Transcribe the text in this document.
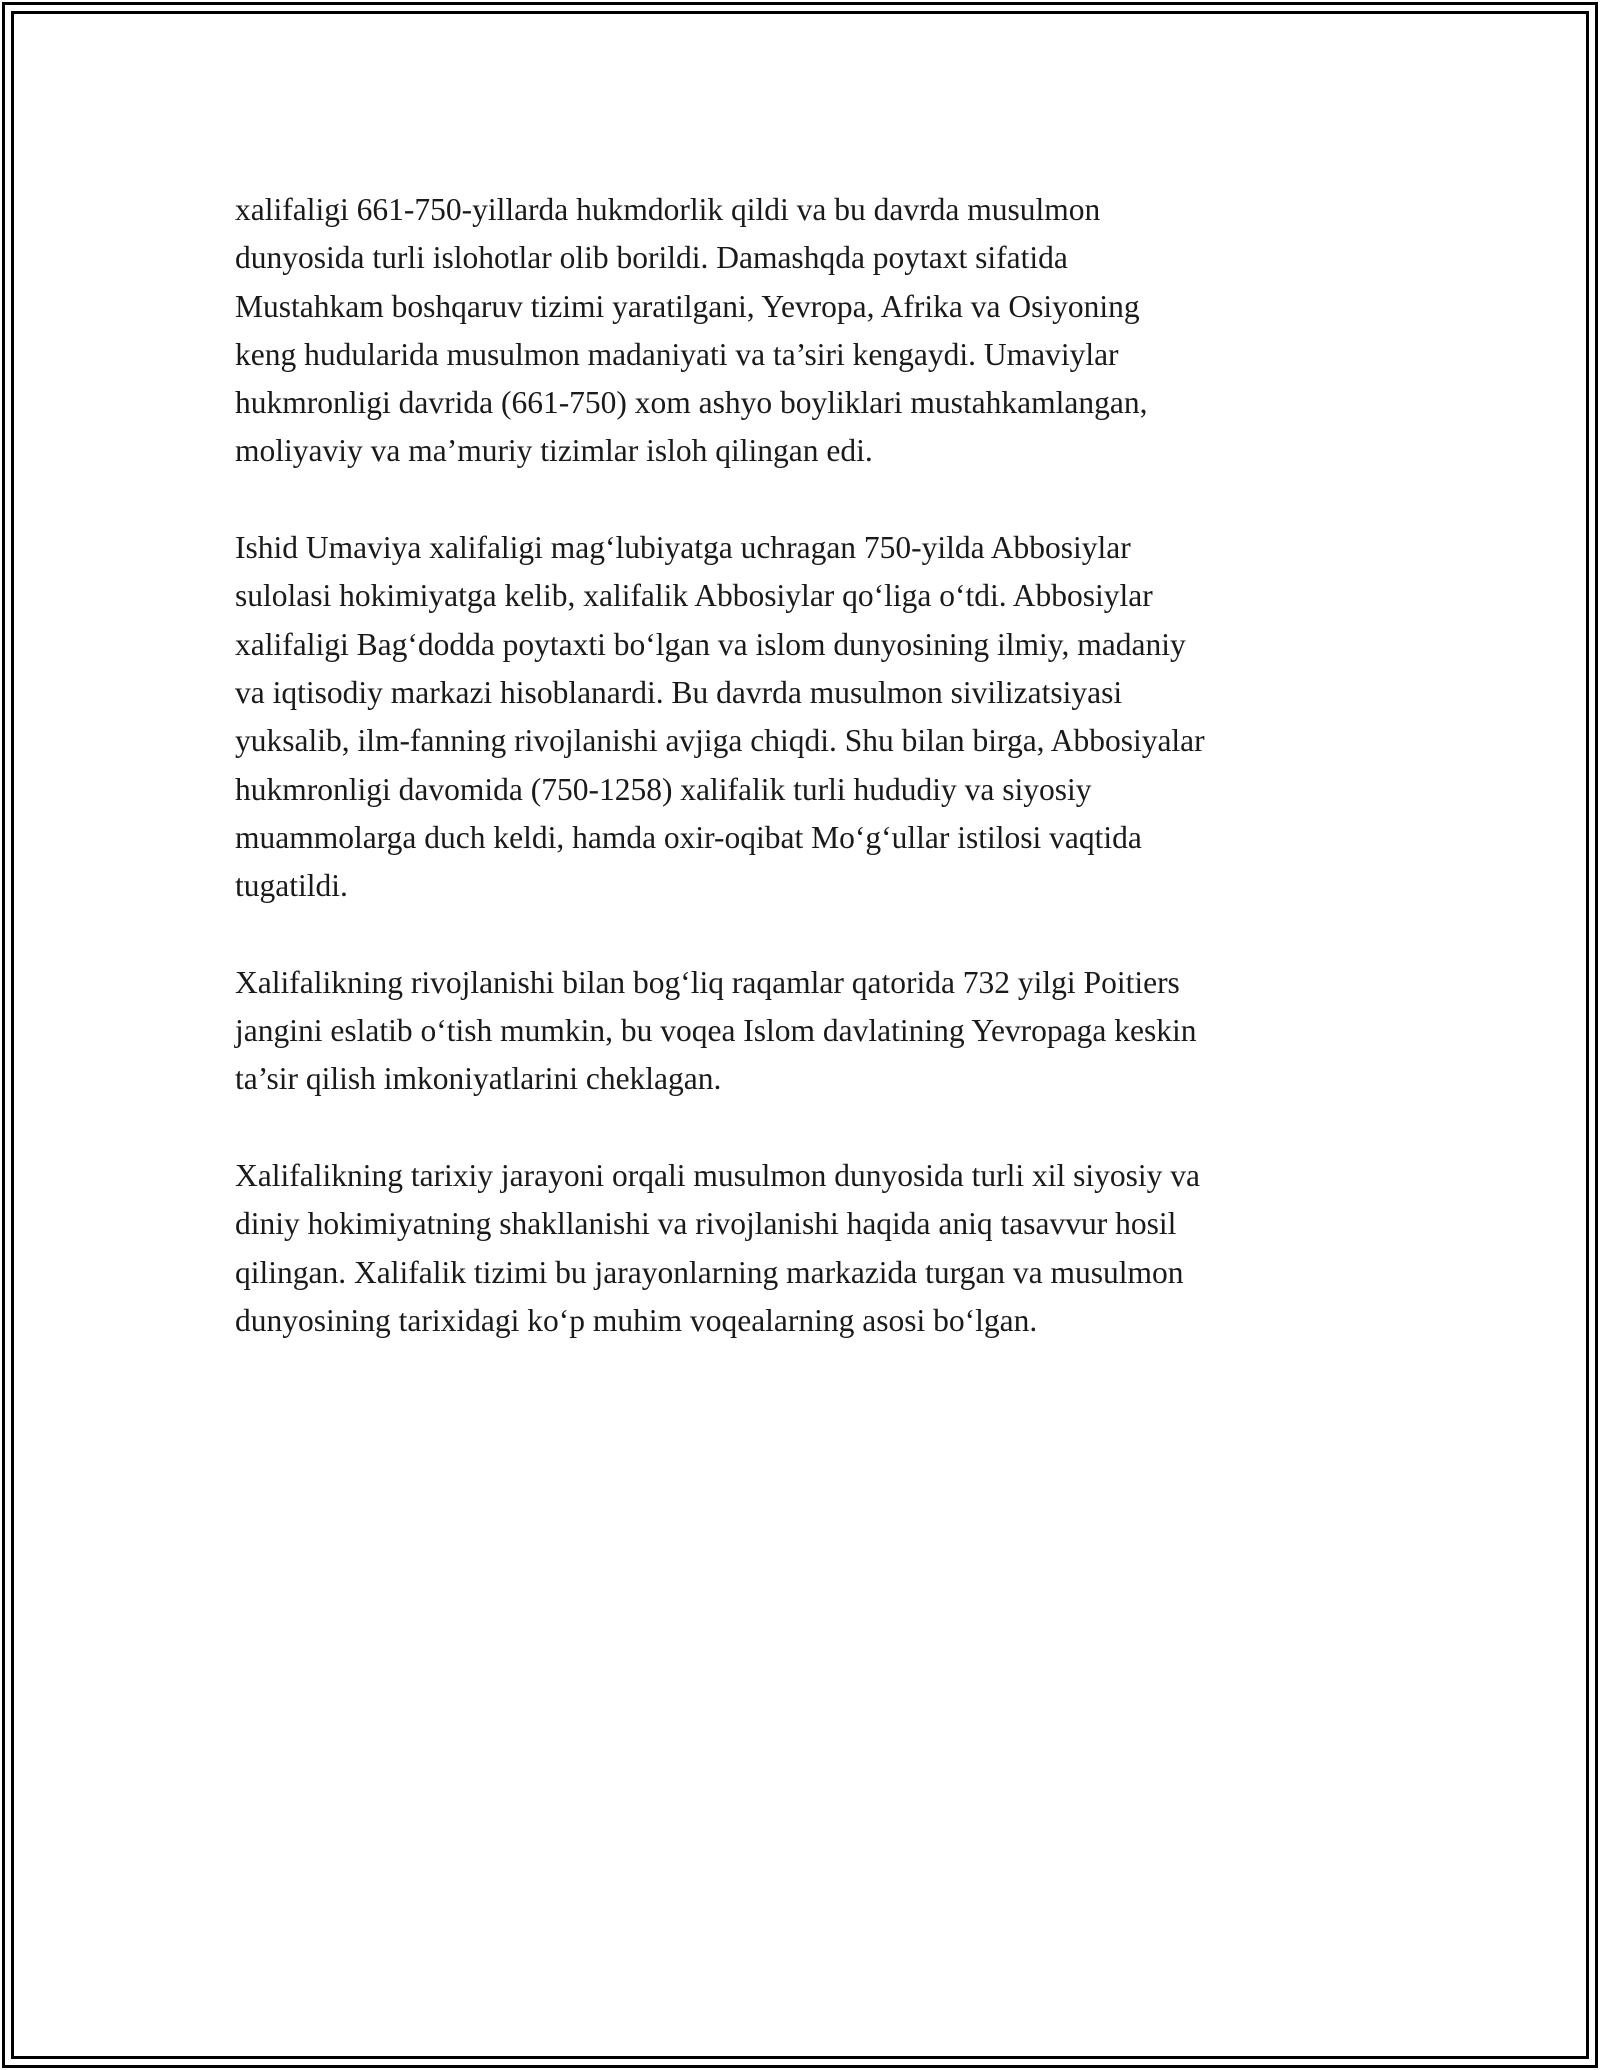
xalifaligi 661-750-yillarda hukmdorlik qildi va bu davrda musulmon
dunyosida turli islohotlar olib borildi. Damashqda poytaxt sifatida
Mustahkam boshqaruv tizimi yaratilgani, Yevropa, Afrika va Osiyoning
keng hudularida musulmon madaniyati va ta’siri kengaydi. Umaviylar
hukmronligi davrida (661-750) xom ashyo boyliklari mustahkamlangan,
moliyaviy va ma’muriy tizimlar isloh qilingan edi.

Ishid Umaviya xalifaligi mag‘lubiyatga uchragan 750-yilda Abbosiylar
sulolasi hokimiyatga kelib, xalifalik Abbosiylar qo‘liga o‘tdi. Abbosiylar
xalifaligi Bag‘dodda poytaxti bo‘lgan va islom dunyosining ilmiy, madaniy
va iqtisodiy markazi hisoblanardi. Bu davrda musulmon sivilizatsiyasi
yuksalib, ilm-fanning rivojlanishi avjiga chiqdi. Shu bilan birga, Abbosiyalar
hukmronligi davomida (750-1258) xalifalik turli hududiy va siyosiy
muammolarga duch keldi, hamda oxir-oqibat Mo‘g‘ullar istilosi vaqtida
tugatildi.

Xalifalikning rivojlanishi bilan bog‘liq raqamlar qatorida 732 yilgi Poitiers
jangini eslatib o‘tish mumkin, bu voqea Islom davlatining Yevropaga keskin
ta’sir qilish imkoniyatlarini cheklagan.

Xalifalikning tarixiy jarayoni orqali musulmon dunyosida turli xil siyosiy va
diniy hokimiyatning shakllanishi va rivojlanishi haqida aniq tasavvur hosil
qilingan. Xalifalik tizimi bu jarayonlarning markazida turgan va musulmon
dunyosining tarixidagi ko‘p muhim voqealarning asosi bo‘lgan.
